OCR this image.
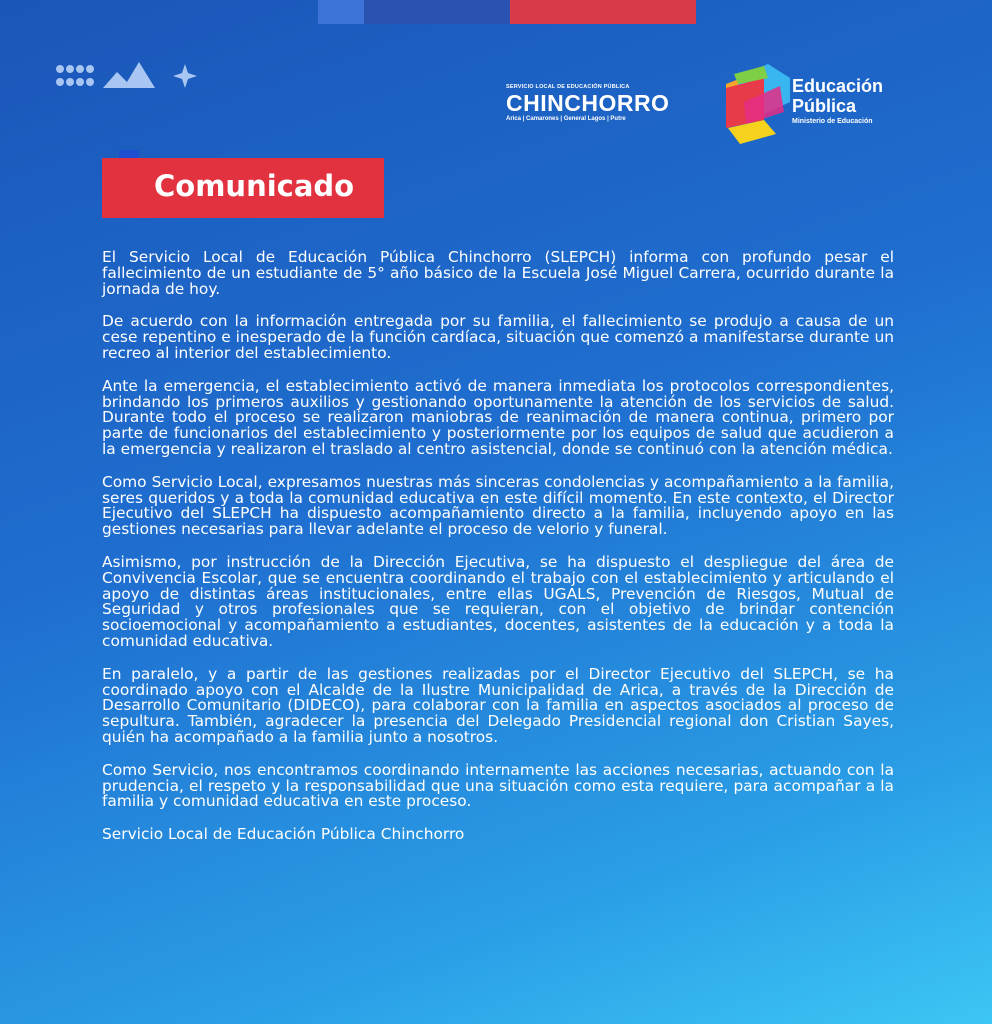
SERVICIO LOCAL DE EDUCACIÓN PÚBLICA
CHINCHORRO
Arica | Camarones | General Lagos | Putre
Educación
Pública
Ministerio de Educación
Comunicado

El Servicio Local de Educación Pública Chinchorro (SLEPCH) informa con profundo pesar el fallecimiento de un estudiante de 5° año básico de la Escuela José Miguel Carrera, ocurrido durante la jornada de hoy.

De acuerdo con la información entregada por su familia, el fallecimiento se produjo a causa de un cese repentino e inesperado de la función cardíaca, situación que comenzó a manifestarse durante un recreo al interior del establecimiento.

Ante la emergencia, el establecimiento activó de manera inmediata los protocolos correspondientes, brindando los primeros auxilios y gestionando oportunamente la atención de los servicios de salud. Durante todo el proceso se realizaron maniobras de reanimación de manera continua, primero por parte de funcionarios del establecimiento y posteriormente por los equipos de salud que acudieron a la emergencia y realizaron el traslado al centro asistencial, donde se continuó con la atención médica.

Como Servicio Local, expresamos nuestras más sinceras condolencias y acompañamiento a la familia, seres queridos y a toda la comunidad educativa en este difícil momento. En este contexto, el Director Ejecutivo del SLEPCH ha dispuesto acompañamiento directo a la familia, incluyendo apoyo en las gestiones necesarias para llevar adelante el proceso de velorio y funeral.

Asimismo, por instrucción de la Dirección Ejecutiva, se ha dispuesto el despliegue del área de Convivencia Escolar, que se encuentra coordinando el trabajo con el establecimiento y articulando el apoyo de distintas áreas institucionales, entre ellas UGALS, Prevención de Riesgos, Mutual de Seguridad y otros profesionales que se requieran, con el objetivo de brindar contención socioemocional y acompañamiento a estudiantes, docentes, asistentes de la educación y a toda la comunidad educativa.

En paralelo, y a partir de las gestiones realizadas por el Director Ejecutivo del SLEPCH, se ha coordinado apoyo con el Alcalde de la Ilustre Municipalidad de Arica, a través de la Dirección de Desarrollo Comunitario (DIDECO), para colaborar con la familia en aspectos asociados al proceso de sepultura. También, agradecer la presencia del Delegado Presidencial regional don Cristian Sayes, quién ha acompañado a la familia junto a nosotros.

Como Servicio, nos encontramos coordinando internamente las acciones necesarias, actuando con la prudencia, el respeto y la responsabilidad que una situación como esta requiere, para acompañar a la familia y comunidad educativa en este proceso.

Servicio Local de Educación Pública Chinchorro
